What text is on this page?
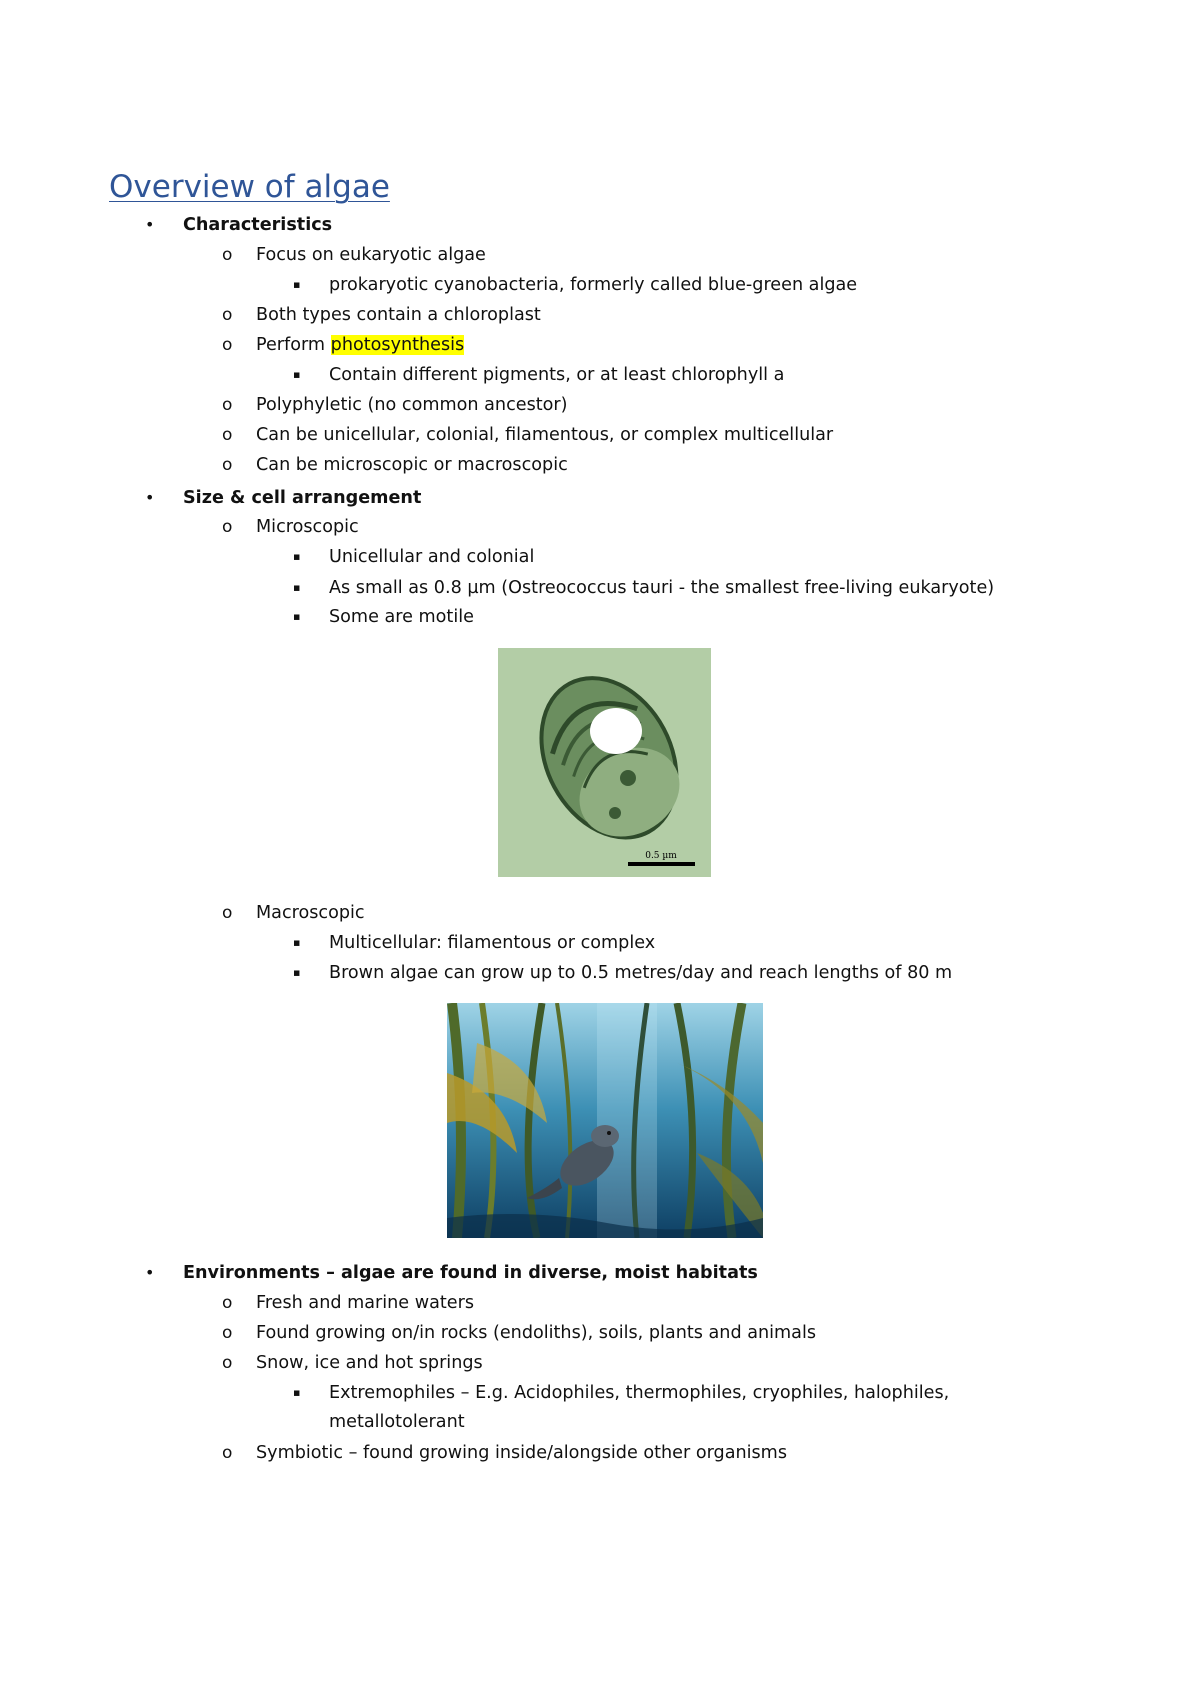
Overview of algae
• Characteristics
o Focus on eukaryotic algae
▪ prokaryotic cyanobacteria, formerly called blue-green algae
o Both types contain a chloroplast
o Perform photosynthesis
▪ Contain different pigments, or at least chlorophyll a
o Polyphyletic (no common ancestor)
o Can be unicellular, colonial, filamentous, or complex multicellular
o Can be microscopic or macroscopic
• Size & cell arrangement
o Microscopic
▪ Unicellular and colonial
▪ As small as 0.8 µm (Ostreococcus tauri - the smallest free-living eukaryote)
▪ Some are motile
0.5 µm
o Macroscopic
▪ Multicellular: filamentous or complex
▪ Brown algae can grow up to 0.5 metres/day and reach lengths of 80 m
• Environments – algae are found in diverse, moist habitats
o Fresh and marine waters
o Found growing on/in rocks (endoliths), soils, plants and animals
o Snow, ice and hot springs
▪ Extremophiles – E.g. Acidophiles, thermophiles, cryophiles, halophiles,
metallotolerant
o Symbiotic – found growing inside/alongside other organisms
